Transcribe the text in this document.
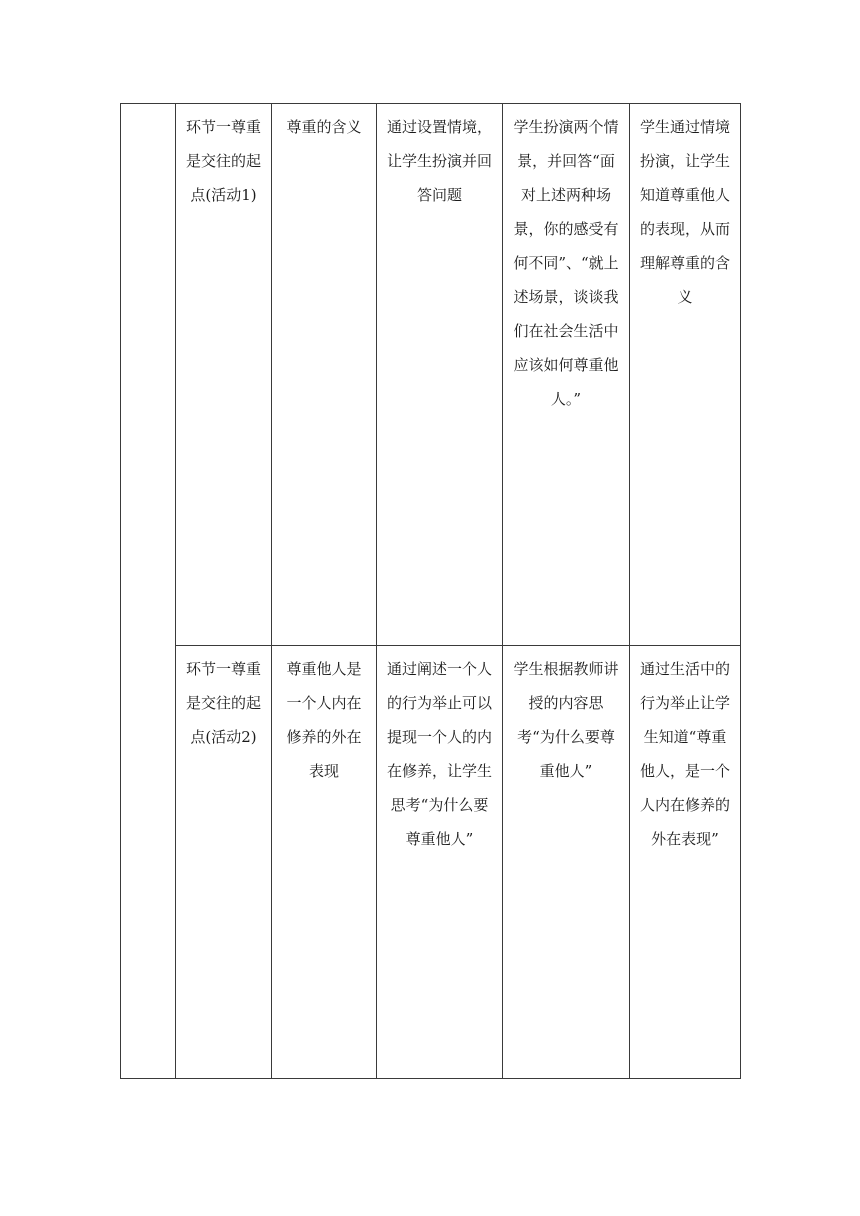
	环节一尊重是交往的起点(活动1)	尊重的含义	通过设置情境，让学生扮演并回答问题	学生扮演两个情景，并回答“面对上述两种场景，你的感受有何不同”、“就上述场景，谈谈我们在社会生活中应该如何尊重他人。”	学生通过情境扮演，让学生知道尊重他人的表现，从而理解尊重的含义

	环节一尊重是交往的起点(活动2)	尊重他人是一个人内在修养的外在表现	通过阐述一个人的行为举止可以提现一个人的内在修养，让学生思考“为什么要尊重他人”	学生根据教师讲授的内容思考“为什么要尊重他人”	通过生活中的行为举止让学生知道“尊重他人，是一个人内在修养的外在表现”
